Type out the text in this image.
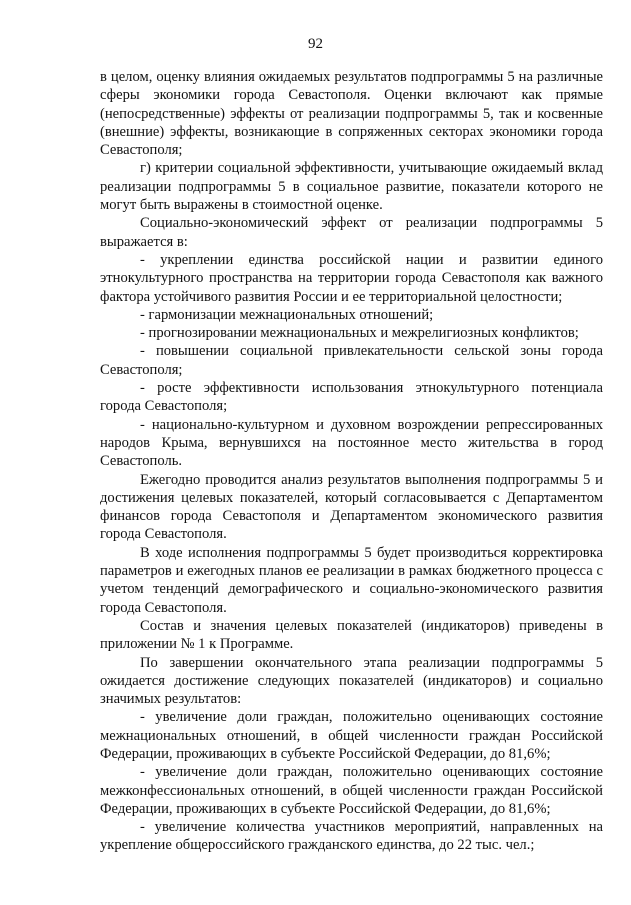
92

в целом, оценку влияния ожидаемых результатов подпрограммы 5 на различные сферы экономики города Севастополя. Оценки включают как прямые (непосредственные) эффекты от реализации подпрограммы 5, так и косвенные (внешние) эффекты, возникающие в сопряженных секторах экономики города Севастополя;

г) критерии социальной эффективности, учитывающие ожидаемый вклад реализации подпрограммы 5 в социальное развитие, показатели которого не могут быть выражены в стоимостной оценке.

Социально-экономический эффект от реализации подпрограммы 5 выражается в:

- укреплении единства российской нации и развитии единого этнокультурного пространства на территории города Севастополя как важного фактора устойчивого развития России и ее территориальной целостности;

- гармонизации межнациональных отношений;

- прогнозировании межнациональных и межрелигиозных конфликтов;

- повышении социальной привлекательности сельской зоны города Севастополя;

- росте эффективности использования этнокультурного потенциала города Севастополя;

- национально-культурном и духовном возрождении репрессированных народов Крыма, вернувшихся на постоянное место жительства в город Севастополь.

Ежегодно проводится анализ результатов выполнения подпрограммы 5 и достижения целевых показателей, который согласовывается с Департаментом финансов города Севастополя и Департаментом экономического развития города Севастополя.

В ходе исполнения подпрограммы 5 будет производиться корректировка параметров и ежегодных планов ее реализации в рамках бюджетного процесса с учетом тенденций демографического и социально-экономического развития города Севастополя.

Состав и значения целевых показателей (индикаторов) приведены в приложении № 1 к Программе.

По завершении окончательного этапа реализации подпрограммы 5 ожидается достижение следующих показателей (индикаторов) и социально значимых результатов:

- увеличение доли граждан, положительно оценивающих состояние межнациональных отношений, в общей численности граждан Российской Федерации, проживающих в субъекте Российской Федерации, до 81,6%;

- увеличение доли граждан, положительно оценивающих состояние межконфессиональных отношений, в общей численности граждан Российской Федерации, проживающих в субъекте Российской Федерации, до 81,6%;

- увеличение количества участников мероприятий, направленных на укрепление общероссийского гражданского единства, до 22 тыс. чел.;
